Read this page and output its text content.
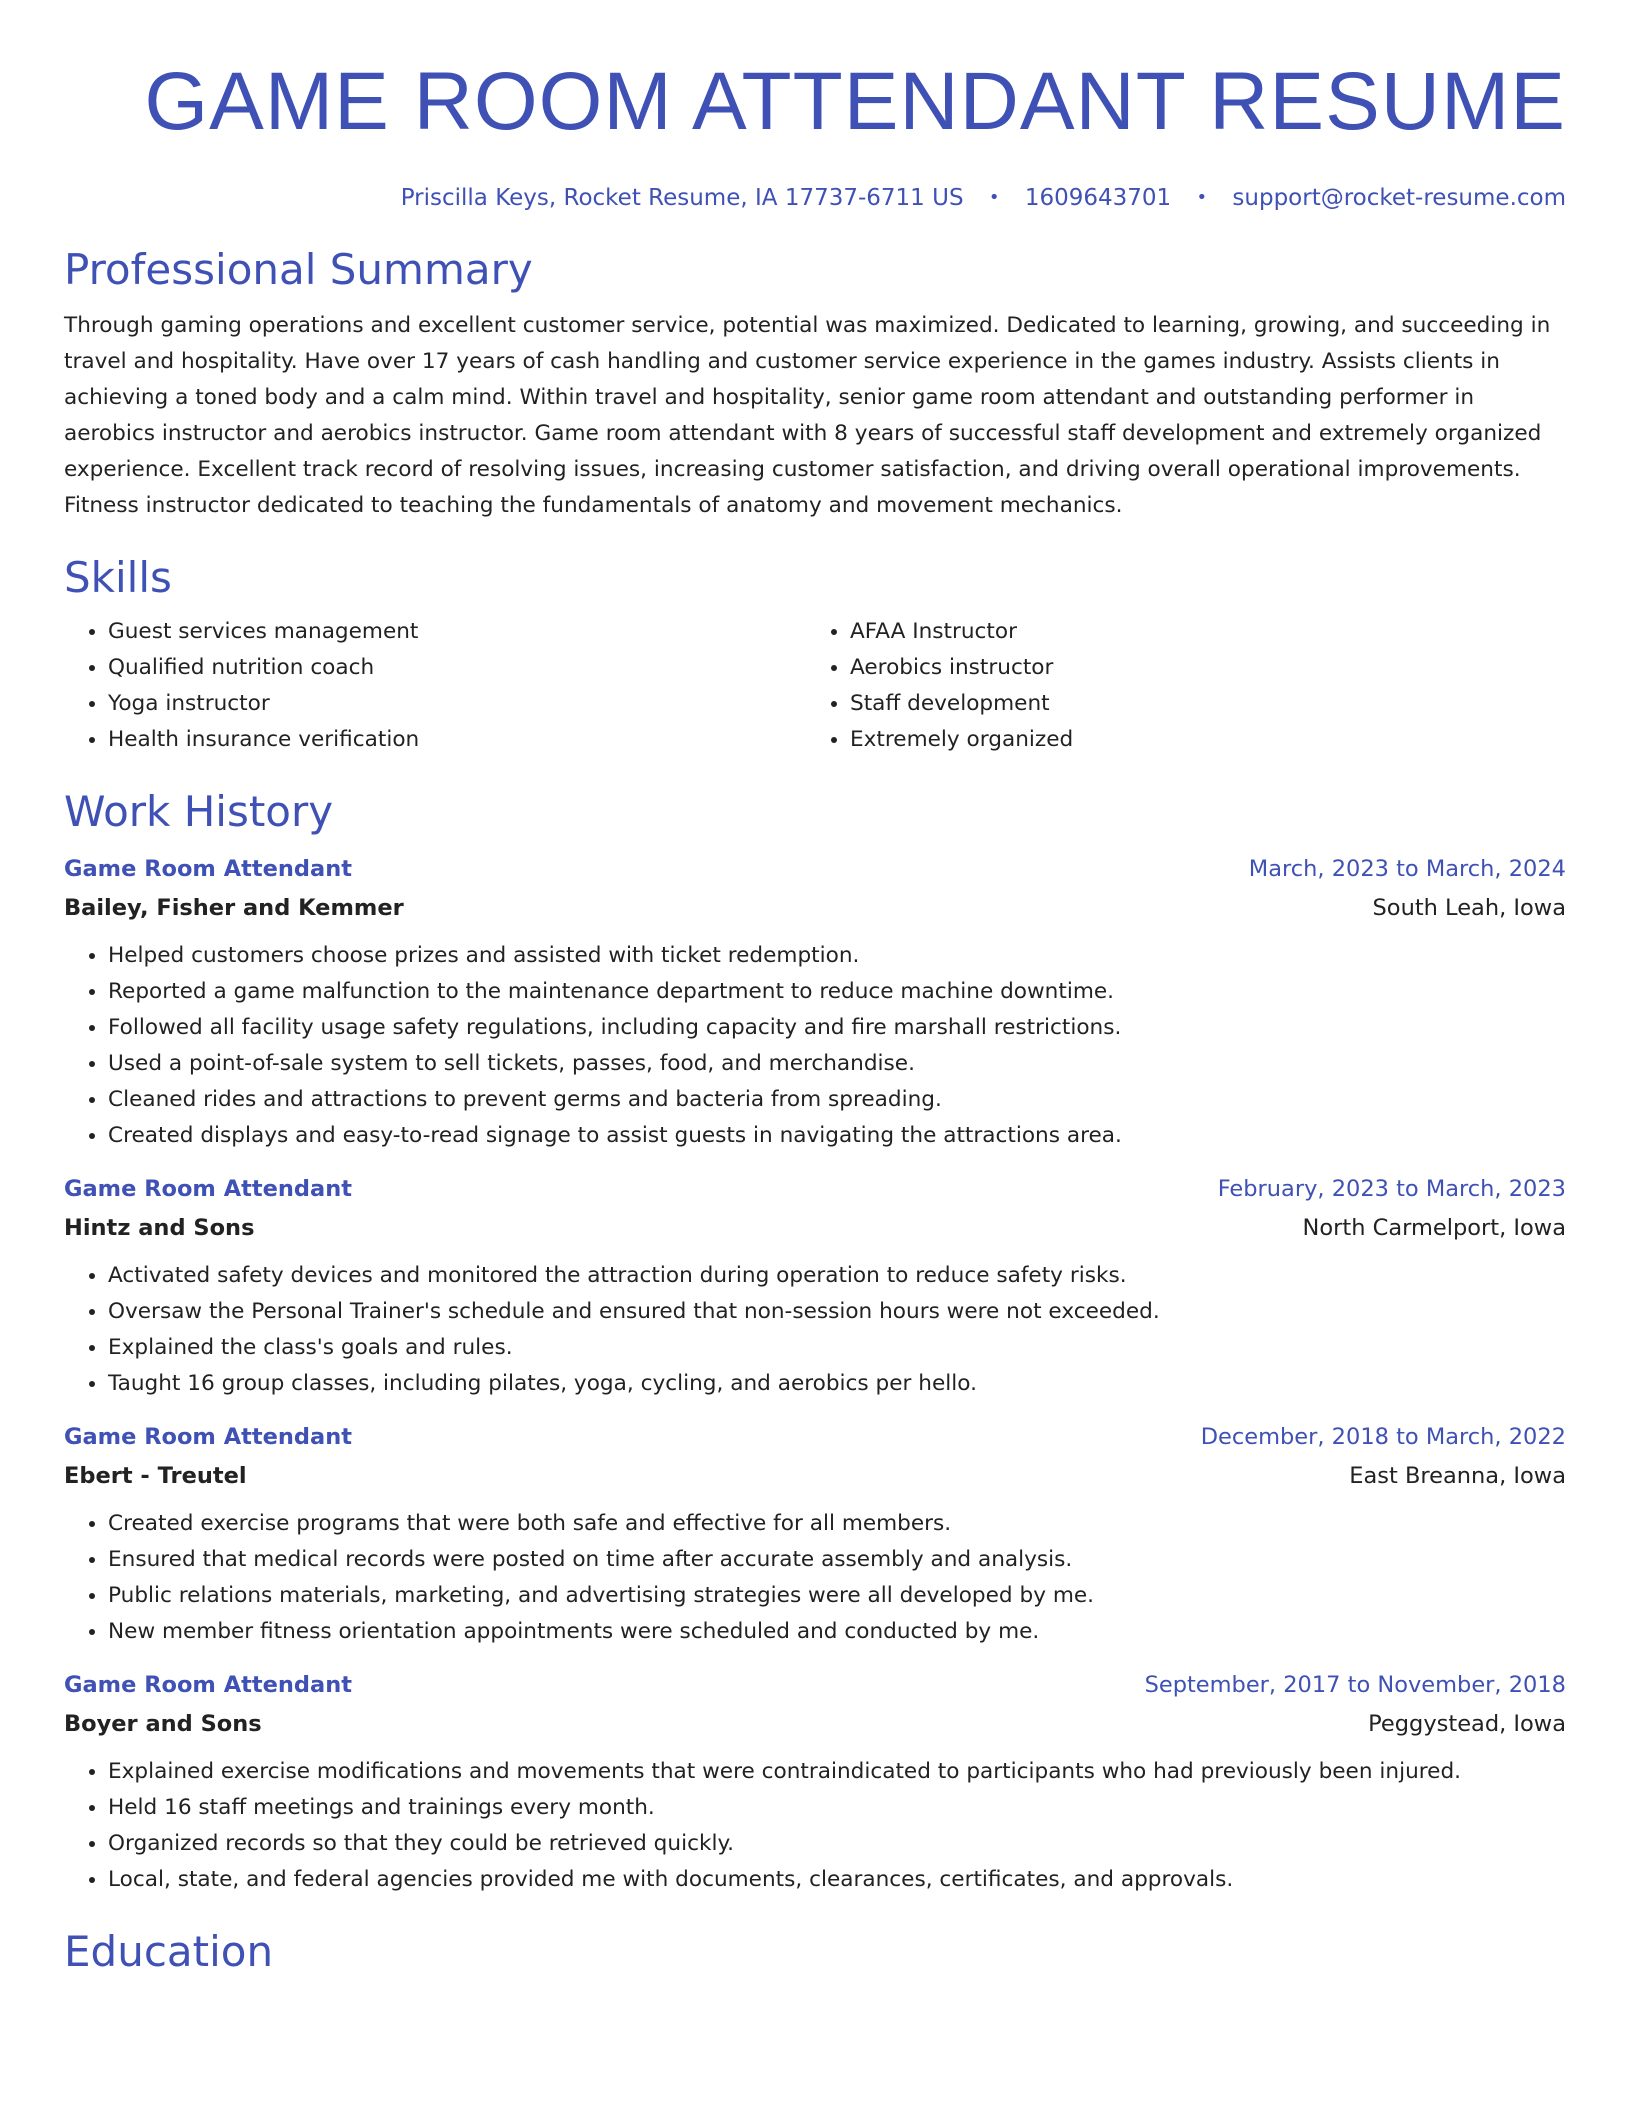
GAME ROOM ATTENDANT RESUME
Priscilla Keys, Rocket Resume, IA 17737-6711 US • 1609643701 • support@rocket-resume.com
Professional Summary
Through gaming operations and excellent customer service, potential was maximized. Dedicated to learning, growing, and succeeding in travel and hospitality. Have over 17 years of cash handling and customer service experience in the games industry. Assists clients in achieving a toned body and a calm mind. Within travel and hospitality, senior game room attendant and outstanding performer in aerobics instructor and aerobics instructor. Game room attendant with 8 years of successful staff development and extremely organized experience. Excellent track record of resolving issues, increasing customer satisfaction, and driving overall operational improvements. Fitness instructor dedicated to teaching the fundamentals of anatomy and movement mechanics.
Skills
• Guest services management
• Qualified nutrition coach
• Yoga instructor
• Health insurance verification
• AFAA Instructor
• Aerobics instructor
• Staff development
• Extremely organized
Work History
Game Room Attendant	March, 2023 to March, 2024
Bailey, Fisher and Kemmer	South Leah, Iowa
• Helped customers choose prizes and assisted with ticket redemption.
• Reported a game malfunction to the maintenance department to reduce machine downtime.
• Followed all facility usage safety regulations, including capacity and fire marshall restrictions.
• Used a point-of-sale system to sell tickets, passes, food, and merchandise.
• Cleaned rides and attractions to prevent germs and bacteria from spreading.
• Created displays and easy-to-read signage to assist guests in navigating the attractions area.
Game Room Attendant	February, 2023 to March, 2023
Hintz and Sons	North Carmelport, Iowa
• Activated safety devices and monitored the attraction during operation to reduce safety risks.
• Oversaw the Personal Trainer's schedule and ensured that non-session hours were not exceeded.
• Explained the class's goals and rules.
• Taught 16 group classes, including pilates, yoga, cycling, and aerobics per hello.
Game Room Attendant	December, 2018 to March, 2022
Ebert - Treutel	East Breanna, Iowa
• Created exercise programs that were both safe and effective for all members.
• Ensured that medical records were posted on time after accurate assembly and analysis.
• Public relations materials, marketing, and advertising strategies were all developed by me.
• New member fitness orientation appointments were scheduled and conducted by me.
Game Room Attendant	September, 2017 to November, 2018
Boyer and Sons	Peggystead, Iowa
• Explained exercise modifications and movements that were contraindicated to participants who had previously been injured.
• Held 16 staff meetings and trainings every month.
• Organized records so that they could be retrieved quickly.
• Local, state, and federal agencies provided me with documents, clearances, certificates, and approvals.
Education
